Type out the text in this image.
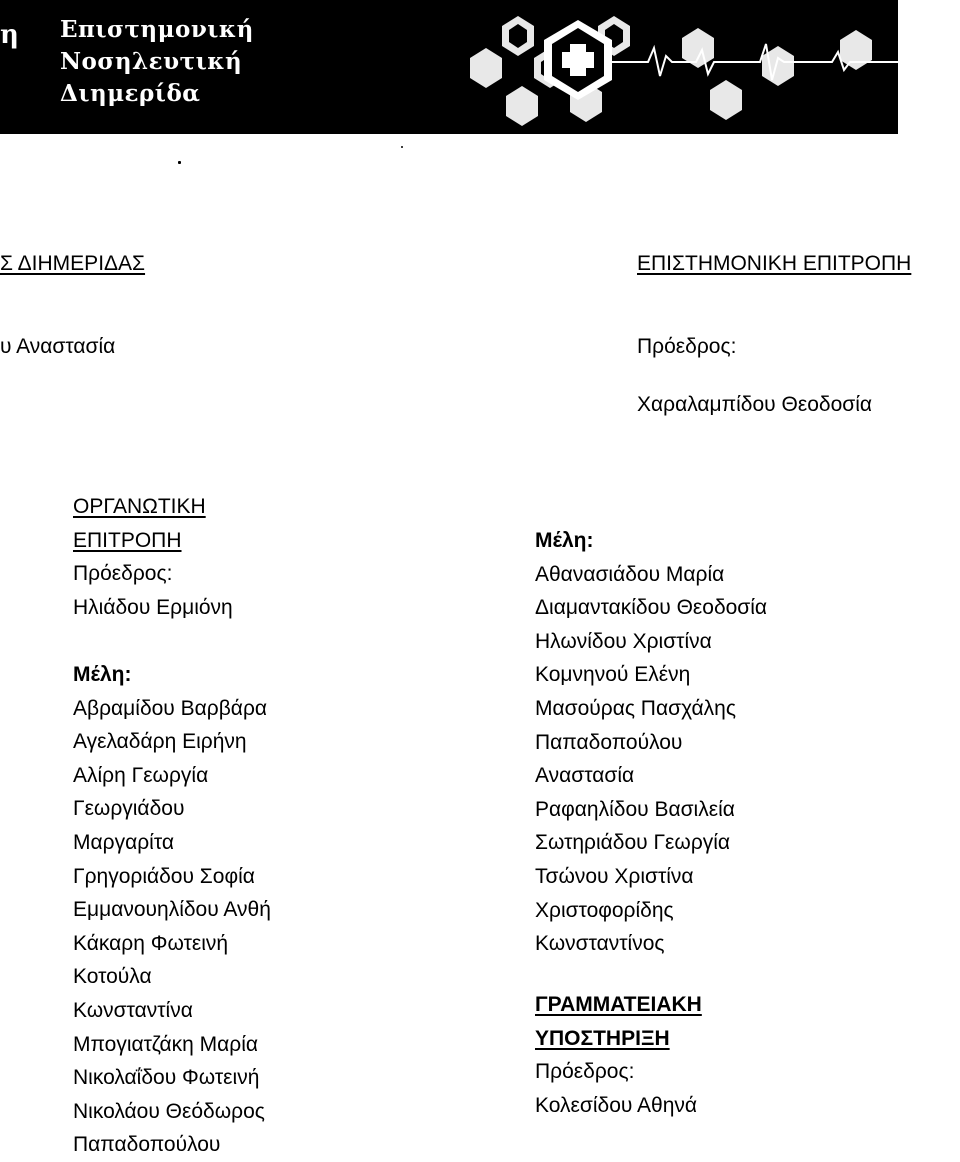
η Επιστημονική
Νοσηλευτική
Διημερίδα
Σ ΔΙΗΜΕΡΙΔΑΣ
υ Αναστασία
ΕΠΙΣΤΗΜΟΝΙΚΗ ΕΠΙΤΡΟΠΗ
Πρόεδρος:
Χαραλαμπίδου Θεοδοσία
ΟΡΓΑΝΩΤΙΚΗ
ΕΠΙΤΡΟΠΗ
Πρόεδρος:
Ηλιάδου Ερμιόνη
Μέλη:
Αβραμίδου Βαρβάρα
Αγελαδάρη Ειρήνη
Αλίρη Γεωργία
Γεωργιάδου
Μαργαρίτα
Γρηγοριάδου Σοφία
Εμμανουηλίδου Ανθή
Κάκαρη Φωτεινή
Κοτούλα
Κωνσταντίνα
Μπογιατζάκη Μαρία
Νικολαΐδου Φωτεινή
Νικολάου Θεόδωρος
Παπαδοπούλου
Μέλη:
Αθανασιάδου Μαρία
Διαμαντακίδου Θεοδοσία
Ηλωνίδου Χριστίνα
Κομνηνού Ελένη
Μασούρας Πασχάλης
Παπαδοπούλου
Αναστασία
Ραφαηλίδου Βασιλεία
Σωτηριάδου Γεωργία
Τσώνου Χριστίνα
Χριστοφορίδης
Κωνσταντίνος
ΓΡΑΜΜΑΤΕΙΑΚΗ
ΥΠΟΣΤΗΡΙΞΗ
Πρόεδρος:
Κολεσίδου Αθηνά
